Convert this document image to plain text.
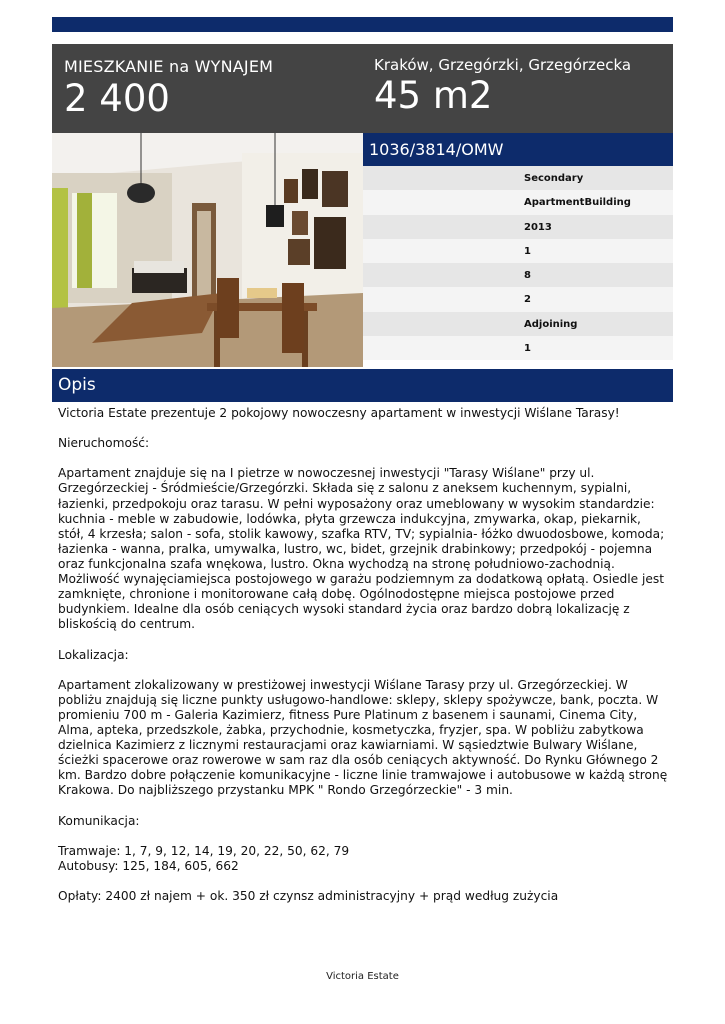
MIESZKANIE na WYNAJEM
2 400
Kraków, Grzegórzki, Grzegórzecka
45 m2
1036/3814/OMW
Secondary
ApartmentBuilding
2013
1
8
2
Adjoining
1
Opis

Victoria Estate prezentuje 2 pokojowy nowoczesny apartament w inwestycji Wiślane Tarasy!

Nieruchomość:

Apartament znajduje się na I pietrze w nowoczesnej inwestycji "Tarasy Wiślane" przy ul. Grzegórzeckiej - Śródmieście/Grzegórzki. Składa się z salonu z aneksem kuchennym, sypialni, łazienki, przedpokoju oraz tarasu. W pełni wyposażony oraz umeblowany w wysokim standardzie: kuchnia - meble w zabudowie, lodówka, płyta grzewcza indukcyjna, zmywarka, okap, piekarnik, stół, 4 krzesła; salon - sofa, stolik kawowy, szafka RTV, TV; sypialnia- łóżko dwuodosbowe, komoda; łazienka - wanna, pralka, umywalka, lustro, wc, bidet, grzejnik drabinkowy; przedpokój - pojemna oraz funkcjonalna szafa wnękowa, lustro. Okna wychodzą na stronę południowo-zachodnią. Możliwość wynajęciamiejsca postojowego w garażu podziemnym za dodatkową opłatą. Osiedle jest zamknięte, chronione i monitorowane całą dobę. Ogólnodostępne miejsca postojowe przed budynkiem. Idealne dla osób ceniących wysoki standard życia oraz bardzo dobrą lokalizację z bliskością do centrum.

Lokalizacja:

Apartament zlokalizowany w prestiżowej inwestycji Wiślane Tarasy przy ul. Grzegórzeckiej. W pobliżu znajdują się liczne punkty usługowo-handlowe: sklepy, sklepy spożywcze, bank, poczta. W promieniu 700 m - Galeria Kazimierz, fitness Pure Platinum z basenem i saunami, Cinema City, Alma, apteka, przedszkole, żabka, przychodnie, kosmetyczka, fryzjer, spa. W pobliżu zabytkowa dzielnica Kazimierz z licznymi restauracjami oraz kawiarniami. W sąsiedztwie Bulwary Wiślane, ścieżki spacerowe oraz rowerowe w sam raz dla osób ceniących aktywność. Do Rynku Głównego 2 km. Bardzo dobre połączenie komunikacyjne - liczne linie tramwajowe i autobusowe w każdą stronę Krakowa. Do najbliższego przystanku MPK " Rondo Grzegórzeckie" - 3 min.

Komunikacja:

Tramwaje: 1, 7, 9, 12, 14, 19, 20, 22, 50, 62, 79

Autobusy: 125, 184, 605, 662

Opłaty: 2400 zł najem + ok. 350 zł czynsz administracyjny + prąd według zużycia

Victoria Estate
